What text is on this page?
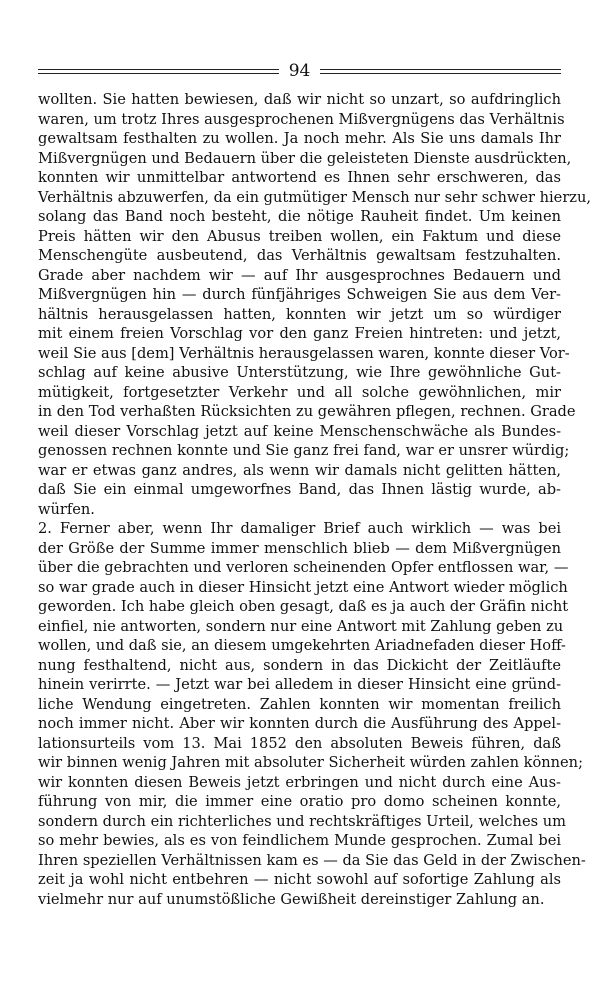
94
wollten. Sie hatten bewiesen, daß wir nicht so unzart, so aufdringlich
waren, um trotz Ihres ausgesprochenen Mißvergnügens das Verhältnis
gewaltsam festhalten zu wollen. Ja noch mehr. Als Sie uns damals Ihr
Mißvergnügen und Bedauern über die geleisteten Dienste ausdrückten,
konnten wir unmittelbar antwortend es Ihnen sehr erschweren, das
Verhältnis abzuwerfen, da ein gutmütiger Mensch nur sehr schwer hierzu,
solang das Band noch besteht, die nötige Rauheit findet. Um keinen
Preis hätten wir den Abusus treiben wollen, ein Faktum und diese
Menschengüte ausbeutend, das Verhältnis gewaltsam festzuhalten.
Grade aber nachdem wir — auf Ihr ausgesprochnes Bedauern und
Mißvergnügen hin — durch fünfjähriges Schweigen Sie aus dem Ver-
hältnis herausgelassen hatten, konnten wir jetzt um so würdiger
mit einem freien Vorschlag vor den ganz Freien hintreten: und jetzt,
weil Sie aus [dem] Verhältnis herausgelassen waren, konnte dieser Vor-
schlag auf keine abusive Unterstützung, wie Ihre gewöhnliche Gut-
mütigkeit, fortgesetzter Verkehr und all solche gewöhnlichen, mir
in den Tod verhaßten Rücksichten zu gewähren pflegen, rechnen. Grade
weil dieser Vorschlag jetzt auf keine Menschenschwäche als Bundes-
genossen rechnen konnte und Sie ganz frei fand, war er unsrer würdig;
war er etwas ganz andres, als wenn wir damals nicht gelitten hätten,
daß Sie ein einmal umgeworfnes Band, das Ihnen lästig wurde, ab-
würfen.
2. Ferner aber, wenn Ihr damaliger Brief auch wirklich — was bei
der Größe der Summe immer menschlich blieb — dem Mißvergnügen
über die gebrachten und verloren scheinenden Opfer entflossen war, —
so war grade auch in dieser Hinsicht jetzt eine Antwort wieder möglich
geworden. Ich habe gleich oben gesagt, daß es ja auch der Gräfin nicht
einfiel, nie antworten, sondern nur eine Antwort mit Zahlung geben zu
wollen, und daß sie, an diesem umgekehrten Ariadnefaden dieser Hoff-
nung festhaltend, nicht aus, sondern in das Dickicht der Zeitläufte
hinein verirrte. — Jetzt war bei alledem in dieser Hinsicht eine gründ-
liche Wendung eingetreten. Zahlen konnten wir momentan freilich
noch immer nicht. Aber wir konnten durch die Ausführung des Appel-
lationsurteils vom 13. Mai 1852 den absoluten Beweis führen, daß
wir binnen wenig Jahren mit absoluter Sicherheit würden zahlen können;
wir konnten diesen Beweis jetzt erbringen und nicht durch eine Aus-
führung von mir, die immer eine oratio pro domo scheinen konnte,
sondern durch ein richterliches und rechtskräftiges Urteil, welches um
so mehr bewies, als es von feindlichem Munde gesprochen. Zumal bei
Ihren speziellen Verhältnissen kam es — da Sie das Geld in der Zwischen-
zeit ja wohl nicht entbehren — nicht sowohl auf sofortige Zahlung als
vielmehr nur auf unumstößliche Gewißheit dereinstiger Zahlung an.
